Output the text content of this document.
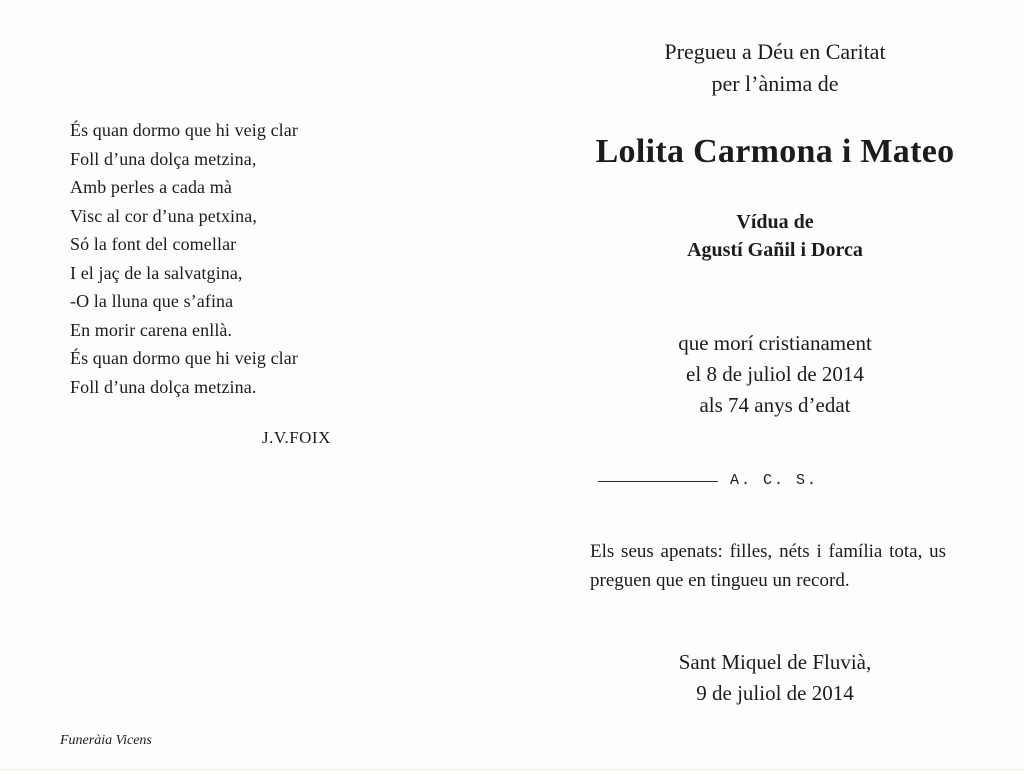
És quan dormo que hi veig clar
Foll d’una dolça metzina,
Amb perles a cada mà
Visc al cor d’una petxina,
Só la font del comellar
I el jaç de la salvatgina,
-O la lluna que s’afina
En morir carena enllà.
És quan dormo que hi veig clar
Foll d’una dolça metzina.
J.V.FOIX
Funeràia Vicens
Pregueu a Déu en Caritat
per l’ànima de
Lolita Carmona i Mateo
Vídua de
Agustí Gañil i Dorca
que morí cristianament
el 8 de juliol de 2014
als 74 anys d’edat
A. C. S.
Els seus apenats: filles, néts i família tota, us preguen que en tingueu un record.
Sant Miquel de Fluvià,
9 de juliol de 2014
